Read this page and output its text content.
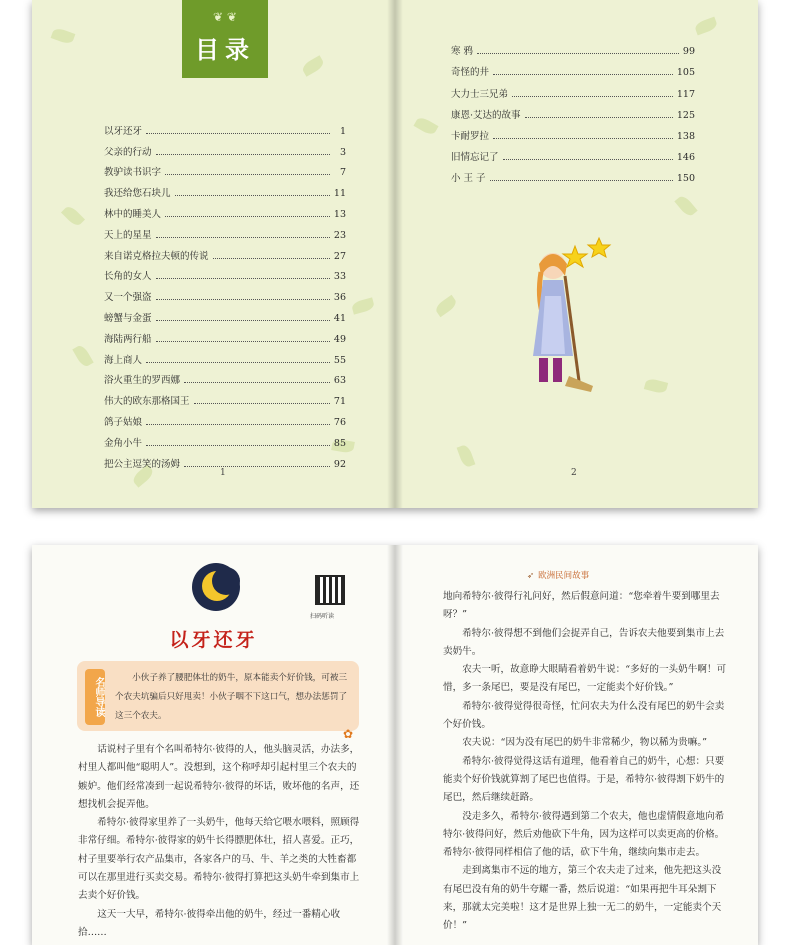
❦ ❦
目录
以牙还牙	1
父亲的行动	3
教驴读书识字	7
我还给您石块儿	11
林中的睡美人	13
天上的星星	23
来自诺克格拉夫顿的传说	27
长角的女人	33
又一个强盗	36
螃蟹与金蛋	41
海陆两行船	49
海上商人	55
浴火重生的罗西娜	63
伟大的欧东那格国王	71
鸽子姑娘	76
金角小牛	85
把公主逗笑的汤姆	92
1
寒 鸦	99
奇怪的井	105
大力士三兄弟	117
康恩·艾达的故事	125
卡耐罗拉	138
旧情忘记了	146
小 王 子	150
2
扫码听读
以牙还牙
名师导读	小伙子养了腰肥体壮的奶牛，原本能卖个好价钱，可被三个农夫坑骗后只好甩卖！小伙子咽不下这口气，想办法惩罚了这三个农夫。
✿

话说村子里有个名叫希特尔·彼得的人，他头脑灵活，办法多，村里人都叫他“聪明人”。没想到，这个称呼却引起村里三个农夫的嫉妒。他们经常凑到一起说希特尔·彼得的坏话，败坏他的名声，还想找机会捉弄他。

希特尔·彼得家里养了一头奶牛，他每天给它喂水喂料，照顾得非常仔细。希特尔·彼得家的奶牛长得膘肥体壮，招人喜爱。正巧，村子里要举行农产品集市，各家各户的马、牛、羊之类的大牲畜都可以在那里进行买卖交易。希特尔·彼得打算把这头奶牛牵到集市上去卖个好价钱。

这天一大早，希特尔·彼得牵出他的奶牛，经过一番精心收拾……

➶ 欧洲民间故事

地向希特尔·彼得行礼问好，然后假意问道：“您牵着牛要到哪里去呀？”

希特尔·彼得想不到他们会捉弄自己，告诉农夫他要到集市上去卖奶牛。

农夫一听，故意睁大眼睛看着奶牛说：“多好的一头奶牛啊！可惜，多一条尾巴，要是没有尾巴，一定能卖个好价钱。”

希特尔·彼得觉得很奇怪，忙问农夫为什么没有尾巴的奶牛会卖个好价钱。

农夫说：“因为没有尾巴的奶牛非常稀少，物以稀为贵嘛。”

希特尔·彼得觉得这话有道理，他看着自己的奶牛，心想：只要能卖个好价钱就算割了尾巴也值得。于是，希特尔·彼得割下奶牛的尾巴，然后继续赶路。

没走多久，希特尔·彼得遇到第二个农夫，他也虚情假意地向希特尔·彼得问好，然后劝他砍下牛角，因为这样可以卖更高的价格。希特尔·彼得同样相信了他的话，砍下牛角，继续向集市走去。

走到离集市不远的地方，第三个农夫走了过来，他先把这头没有尾巴没有角的奶牛夸耀一番，然后说道：“如果再把牛耳朵割下来，那就太完美啦！这才是世界上独一无二的奶牛，一定能卖个天价！”
